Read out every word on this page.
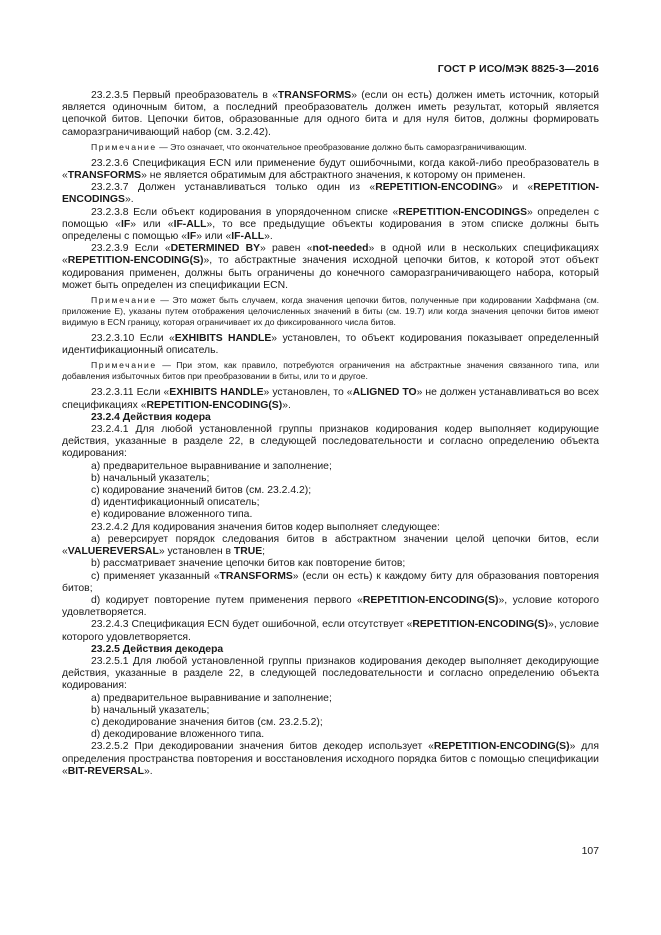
ГОСТ Р ИСО/МЭК 8825-3—2016

23.2.3.5 Первый преобразователь в «TRANSFORMS» (если он есть) должен иметь источник, который является одиночным битом, а последний преобразователь должен иметь результат, который является цепочкой битов. Цепочки битов, образованные для одного бита и для нуля битов, должны формировать саморазграничивающий набор (см. 3.2.42).

Примечание — Это означает, что окончательное преобразование должно быть саморазграничивающим.

23.2.3.6 Спецификация ECN или применение будут ошибочными, когда какой-либо преобразователь в «TRANSFORMS» не является обратимым для абстрактного значения, к которому он применен.

23.2.3.7 Должен устанавливаться только один из «REPETITION-ENCODING» и «REPETITION-ENCODINGS».

23.2.3.8 Если объект кодирования в упорядоченном списке «REPETITION-ENCODINGS» определен с помощью «IF» или «IF-ALL», то все предыдущие объекты кодирования в этом списке должны быть определены с помощью «IF» или «IF-ALL».

23.2.3.9 Если «DETERMINED BY» равен «not-needed» в одной или в нескольких спецификациях «REPETITION-ENCODING(S)», то абстрактные значения исходной цепочки битов, к которой этот объект кодирования применен, должны быть ограничены до конечного саморазграничивающего набора, который может быть определен из спецификации ECN.

Примечание — Это может быть случаем, когда значения цепочки битов, полученные при кодировании Хаффмана (см. приложение Е), указаны путем отображения целочисленных значений в биты (см. 19.7) или когда значения цепочки битов имеют видимую в ECN границу, которая ограничивает их до фиксированного числа битов.

23.2.3.10 Если «EXHIBITS HANDLE» установлен, то объект кодирования показывает определенный идентификационный описатель.

Примечание — При этом, как правило, потребуются ограничения на абстрактные значения связанного типа, или добавления избыточных битов при преобразовании в биты, или то и другое.

23.2.3.11 Если «EXHIBITS HANDLE» установлен, то «ALIGNED TO» не должен устанавливаться во всех спецификациях «REPETITION-ENCODING(S)».

23.2.4 Действия кодера

23.2.4.1 Для любой установленной группы признаков кодирования кодер выполняет кодирующие действия, указанные в разделе 22, в следующей последовательности и согласно определению объекта кодирования:

а) предварительное выравнивание и заполнение;

b) начальный указатель;

с) кодирование значений битов (см. 23.2.4.2);

d) идентификационный описатель;

е) кодирование вложенного типа.

23.2.4.2 Для кодирования значения битов кодер выполняет следующее:

а) реверсирует порядок следования битов в абстрактном значении целой цепочки битов, если «VALUEREVERSAL» установлен в TRUE;

b) рассматривает значение цепочки битов как повторение битов;

с) применяет указанный «TRANSFORMS» (если он есть) к каждому биту для образования повторения битов;

d) кодирует повторение путем применения первого «REPETITION-ENCODING(S)», условие которого удовлетворяется.

23.2.4.3 Спецификация ECN будет ошибочной, если отсутствует «REPETITION-ENCODING(S)», условие которого удовлетворяется.

23.2.5 Действия декодера

23.2.5.1 Для любой установленной группы признаков кодирования декодер выполняет декодирующие действия, указанные в разделе 22, в следующей последовательности и согласно определению объекта кодирования:

а) предварительное выравнивание и заполнение;

b) начальный указатель;

с) декодирование значения битов (см. 23.2.5.2);

d) декодирование вложенного типа.

23.2.5.2 При декодировании значения битов декодер использует «REPETITION-ENCODING(S)» для определения пространства повторения и восстановления исходного порядка битов с помощью спецификации «BIT-REVERSAL».

107
